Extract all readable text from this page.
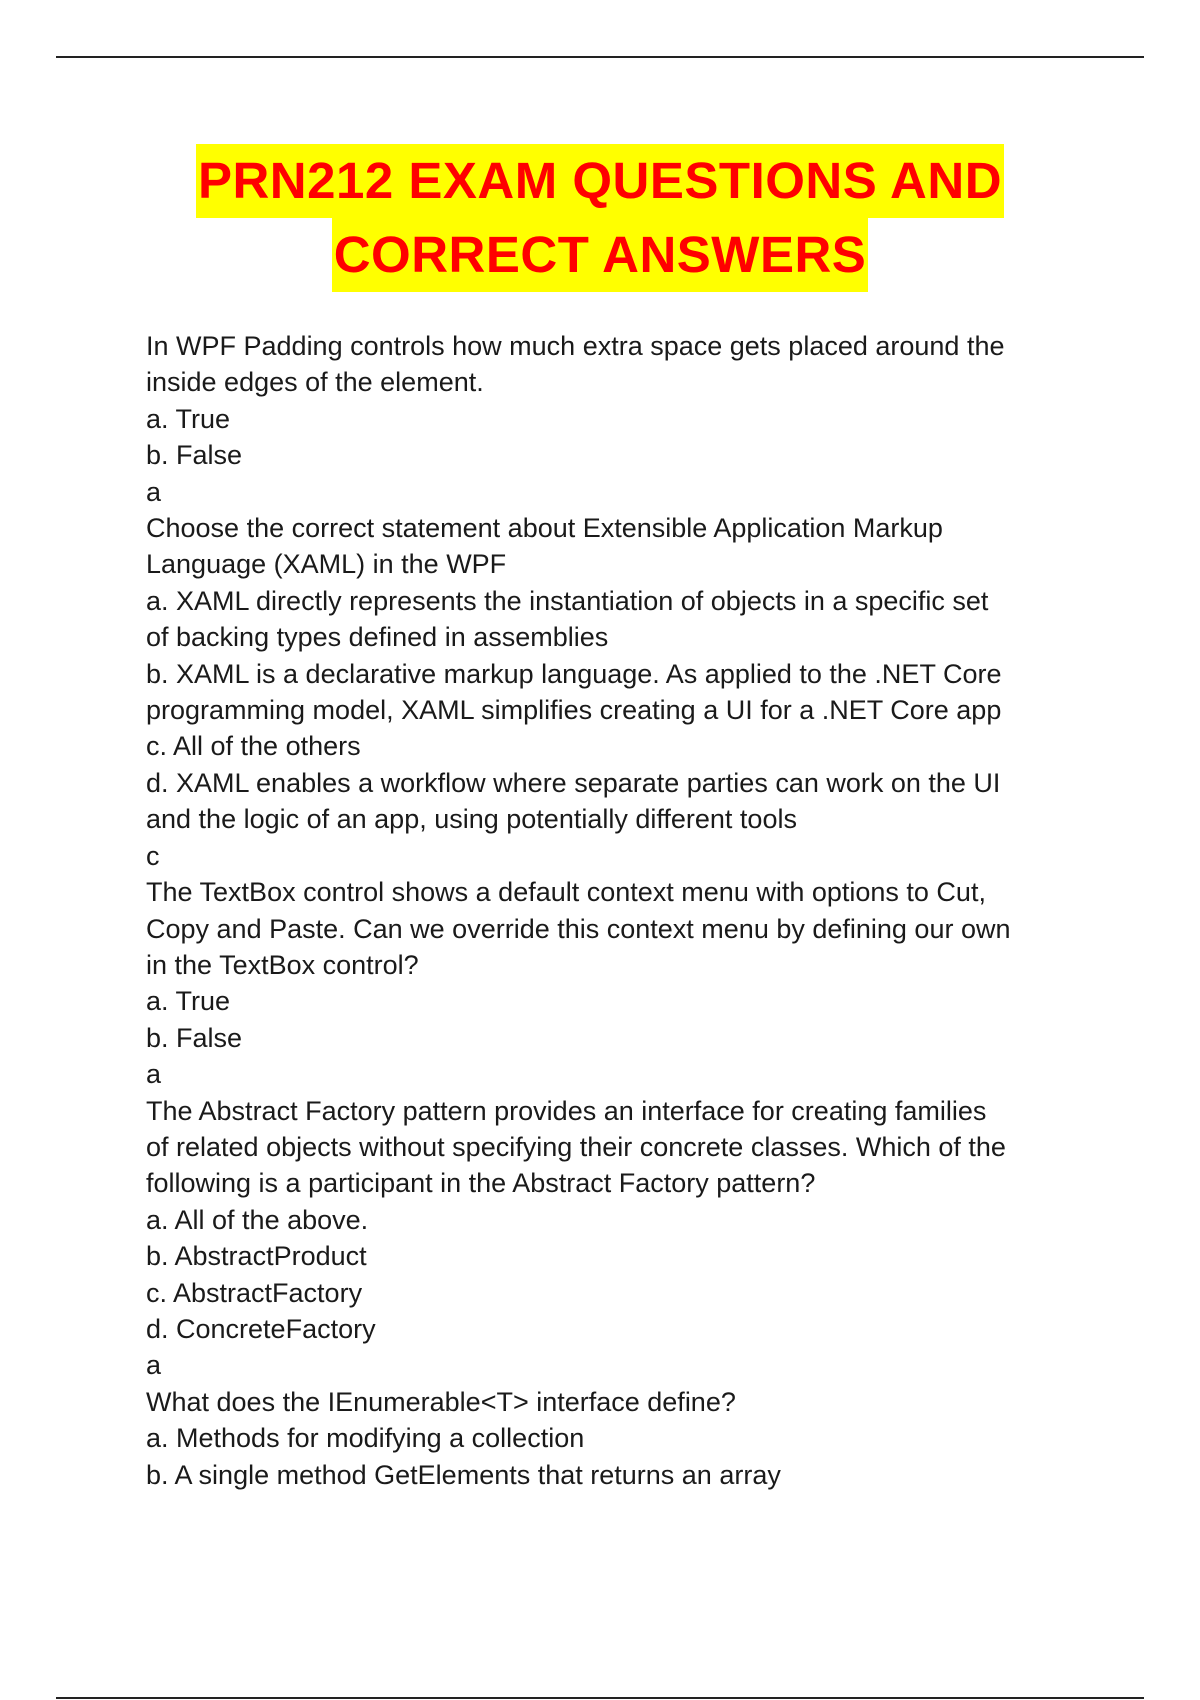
PRN212 EXAM QUESTIONS AND
CORRECT ANSWERS
In WPF Padding controls how much extra space gets placed around the
inside edges of the element.
a. True
b. False
a
Choose the correct statement about Extensible Application Markup
Language (XAML) in the WPF
a. XAML directly represents the instantiation of objects in a specific set
of backing types defined in assemblies
b. XAML is a declarative markup language. As applied to the .NET Core
programming model, XAML simplifies creating a UI for a .NET Core app
c. All of the others
d. XAML enables a workflow where separate parties can work on the UI
and the logic of an app, using potentially different tools
c
The TextBox control shows a default context menu with options to Cut,
Copy and Paste. Can we override this context menu by defining our own
in the TextBox control?
a. True
b. False
a
The Abstract Factory pattern provides an interface for creating families
of related objects without specifying their concrete classes. Which of the
following is a participant in the Abstract Factory pattern?
a. All of the above.
b. AbstractProduct
c. AbstractFactory
d. ConcreteFactory
a
What does the IEnumerable<T> interface define?
a. Methods for modifying a collection
b. A single method GetElements that returns an array
